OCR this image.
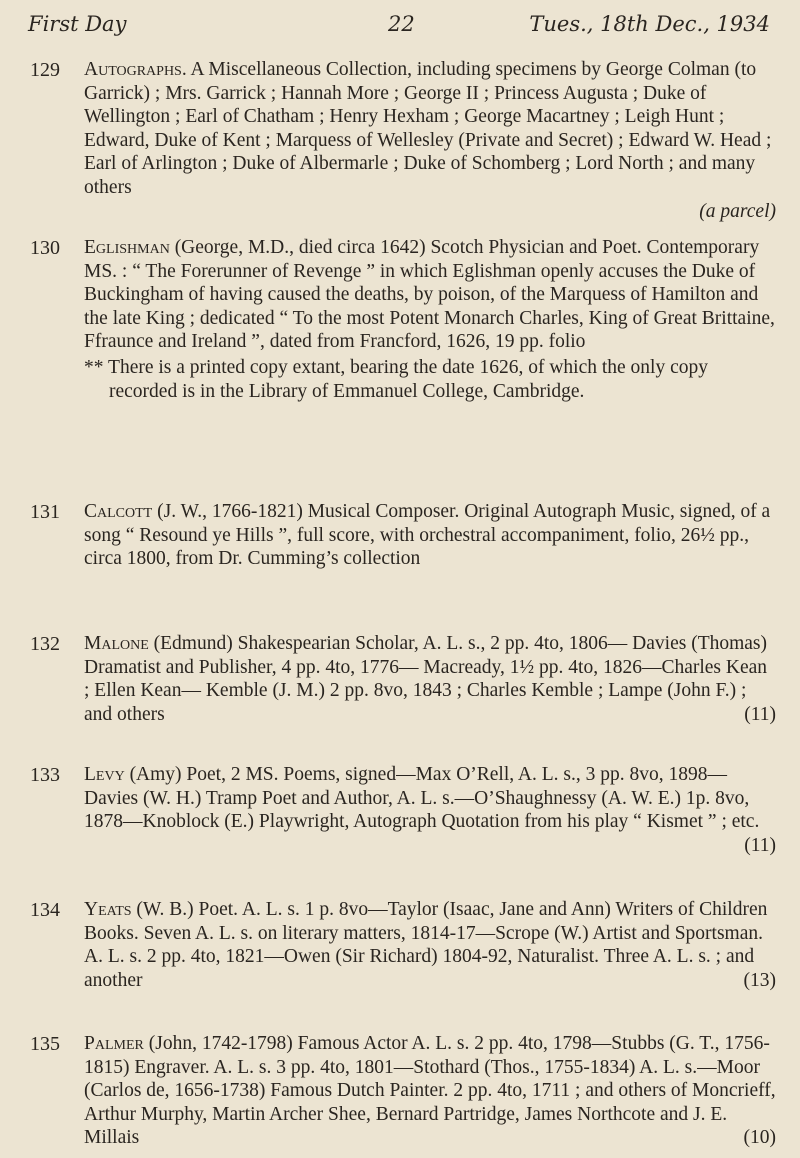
First Day	22	Tues., 18th Dec., 1934
129 Autographs. A Miscellaneous Collection, including specimens by George Colman (to Garrick) ; Mrs. Garrick ; Hannah More ; George II ; Princess Augusta ; Duke of Wellington ; Earl of Chatham ; Henry Hexham ; George Macartney ; Leigh Hunt ; Edward, Duke of Kent ; Marquess of Wellesley (Private and Secret) ; Edward W. Head ; Earl of Arlington ; Duke of Albermarle ; Duke of Schomberg ; Lord North ; and many others

(a parcel)

130 Eglishman (George, M.D., died circa 1642) Scotch Physician and Poet. Contemporary MS. : “ The Forerunner of Revenge ” in which Eglishman openly accuses the Duke of Buckingham of having caused the deaths, by poison, of the Marquess of Hamilton and the late King ; dedicated “ To the most Potent Monarch Charles, King of Great Brittaine, Ffraunce and Ireland ”, dated from Francford, 1626, 19 pp. folio

** There is a printed copy extant, bearing the date 1626, of which the only copy recorded is in the Library of Emmanuel College, Cambridge.

131 Calcott (J. W., 1766-1821) Musical Composer. Original Autograph Music, signed, of a song “ Resound ye Hills ”, full score, with orchestral accompaniment, folio, 26½ pp., circa 1800, from Dr. Cumming’s collection

132 Malone (Edmund) Shakespearian Scholar, A. L. s., 2 pp. 4to, 1806— Davies (Thomas) Dramatist and Publisher, 4 pp. 4to, 1776— Macready, 1½ pp. 4to, 1826—Charles Kean ; Ellen Kean— Kemble (J. M.) 2 pp. 8vo, 1843 ; Charles Kemble ; Lampe (John F.) ; and others	(11)

133 Levy (Amy) Poet, 2 MS. Poems, signed—Max O’Rell, A. L. s., 3 pp. 8vo, 1898—Davies (W. H.) Tramp Poet and Author, A. L. s.—O’Shaughnessy (A. W. E.) 1p. 8vo, 1878—Knoblock (E.) Playwright, Autograph Quotation from his play “ Kismet ” ; etc.
(11)

134 Yeats (W. B.) Poet. A. L. s. 1 p. 8vo—Taylor (Isaac, Jane and Ann) Writers of Children Books. Seven A. L. s. on literary matters, 1814-17—Scrope (W.) Artist and Sportsman. A. L. s. 2 pp. 4to, 1821—Owen (Sir Richard) 1804-92, Naturalist. Three A. L. s. ; and another	(13)

135 Palmer (John, 1742-1798) Famous Actor A. L. s. 2 pp. 4to, 1798—Stubbs (G. T., 1756-1815) Engraver. A. L. s. 3 pp. 4to, 1801—Stothard (Thos., 1755-1834) A. L. s.—Moor (Carlos de, 1656-1738) Famous Dutch Painter. 2 pp. 4to, 1711 ; and others of Moncrieff, Arthur Murphy, Martin Archer Shee, Bernard Partridge, James Northcote and J. E. Millais	(10)
